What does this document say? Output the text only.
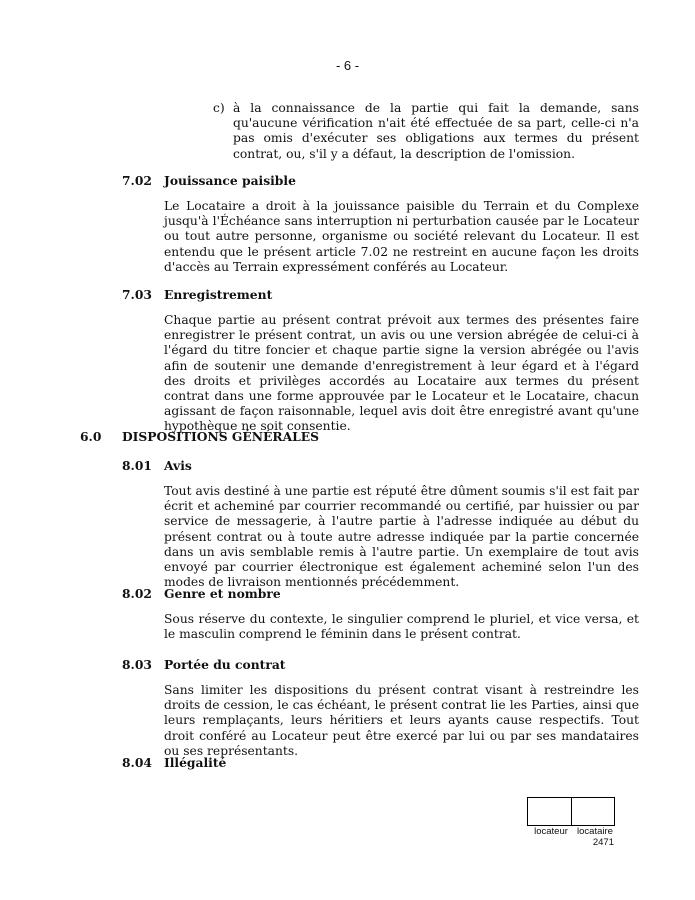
- 6 -
c) à la connaissance de la partie qui fait la demande, sans qu'aucune vérification n'ait été effectuée de sa part, celle-ci n'a pas omis d'exécuter ses obligations aux termes du présent contrat, ou, s'il y a défaut, la description de l'omission.
7.02 Jouissance paisible
Le Locataire a droit à la jouissance paisible du Terrain et du Complexe jusqu'à l'Échéance sans interruption ni perturbation causée par le Locateur ou tout autre personne, organisme ou société relevant du Locateur. Il est entendu que le présent article 7.02 ne restreint en aucune façon les droits d'accès au Terrain expressément conférés au Locateur.
7.03 Enregistrement
Chaque partie au présent contrat prévoit aux termes des présentes faire enregistrer le présent contrat, un avis ou une version abrégée de celui-ci à l'égard du titre foncier et chaque partie signe la version abrégée ou l'avis afin de soutenir une demande d'enregistrement à leur égard et à l'égard des droits et privilèges accordés au Locataire aux termes du présent contrat dans une forme approuvée par le Locateur et le Locataire, chacun agissant de façon raisonnable, lequel avis doit être enregistré avant qu'une hypothèque ne soit consentie.
6.0 DISPOSITIONS GÉNÉRALES
8.01 Avis
Tout avis destiné à une partie est réputé être dûment soumis s'il est fait par écrit et acheminé par courrier recommandé ou certifié, par huissier ou par service de messagerie, à l'autre partie à l'adresse indiquée au début du présent contrat ou à toute autre adresse indiquée par la partie concernée dans un avis semblable remis à l'autre partie. Un exemplaire de tout avis envoyé par courrier électronique est également acheminé selon l'un des modes de livraison mentionnés précédemment.
8.02 Genre et nombre
Sous réserve du contexte, le singulier comprend le pluriel, et vice versa, et le masculin comprend le féminin dans le présent contrat.
8.03 Portée du contrat
Sans limiter les dispositions du présent contrat visant à restreindre les droits de cession, le cas échéant, le présent contrat lie les Parties, ainsi que leurs remplaçants, leurs héritiers et leurs ayants cause respectifs. Tout droit conféré au Locateur peut être exercé par lui ou par ses mandataires ou ses représentants.
8.04 Illégalité
locateur locataire
2471
